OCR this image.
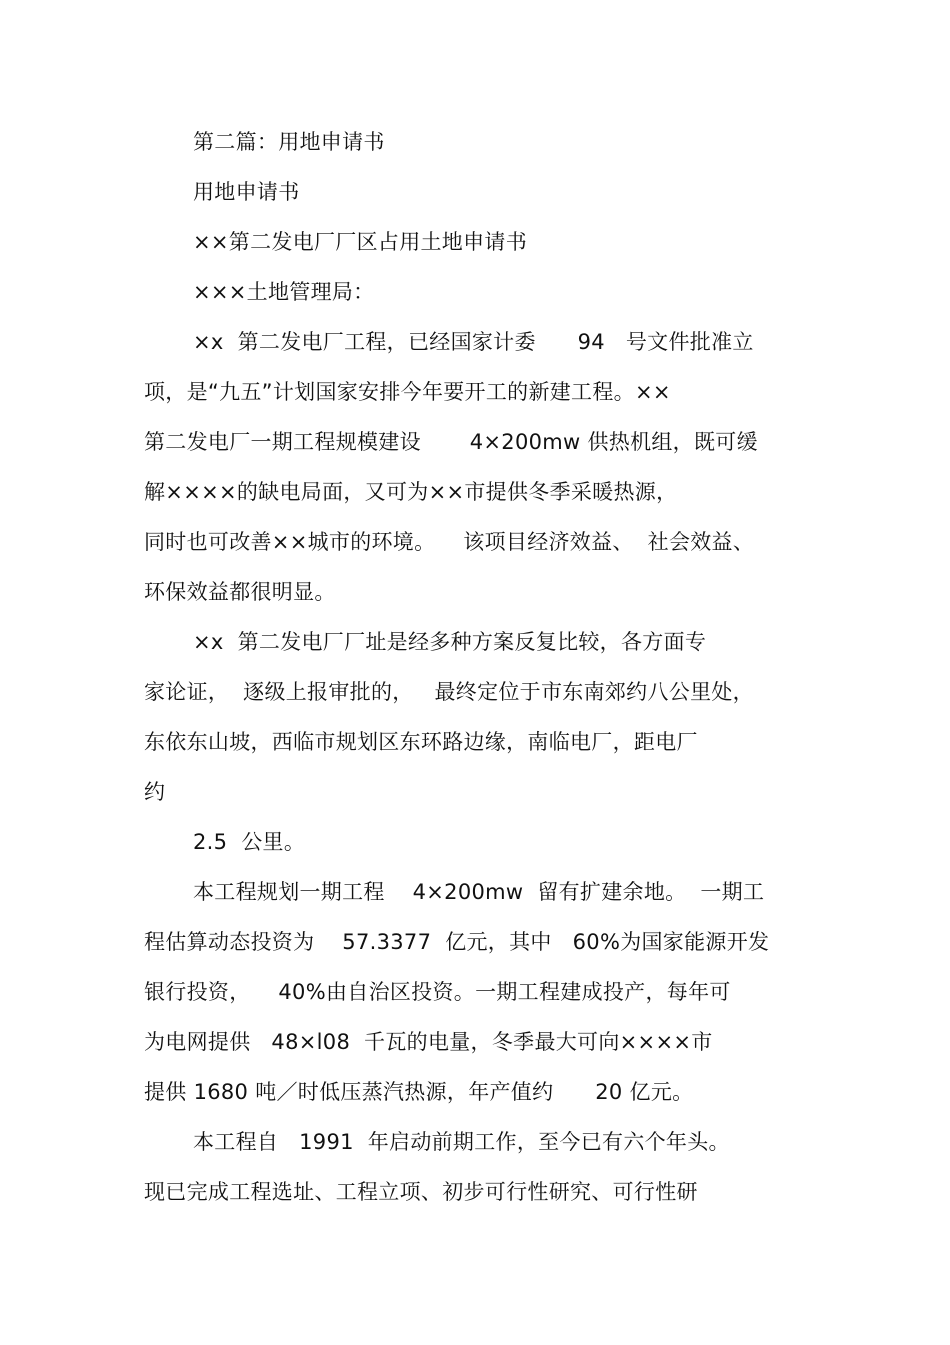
第二篇：用地申请书
用地申请书
××第二发电厂厂区占用土地申请书
×××土地管理局：
×x  第二发电厂工程，已经国家计委      94   号文件批准立
项，是“九五”计划国家安排今年要开工的新建工程。××
第二发电厂一期工程规模建设       4×200mw 供热机组，既可缓
解××××的缺电局面，又可为××市提供冬季采暖热源，
同时也可改善××城市的环境。    该项目经济效益、  社会效益、
环保效益都很明显。
×x  第二发电厂厂址是经多种方案反复比较，各方面专
家论证，  逐级上报审批的，   最终定位于市东南郊约八公里处，
东依东山坡，西临市规划区东环路边缘，南临电厂，距电厂
约
2.5  公里。
本工程规划一期工程    4×200mw  留有扩建余地。  一期工
程估算动态投资为    57.3377  亿元，其中   60%为国家能源开发
银行投资，    40%由自治区投资。一期工程建成投产，每年可
为电网提供   48×l08  千瓦的电量，冬季最大可向××××市
提供 1680 吨／时低压蒸汽热源，年产值约      20 亿元。
本工程自   1991  年启动前期工作，至今已有六个年头。
现已完成工程选址、工程立项、初步可行性研究、可行性研
